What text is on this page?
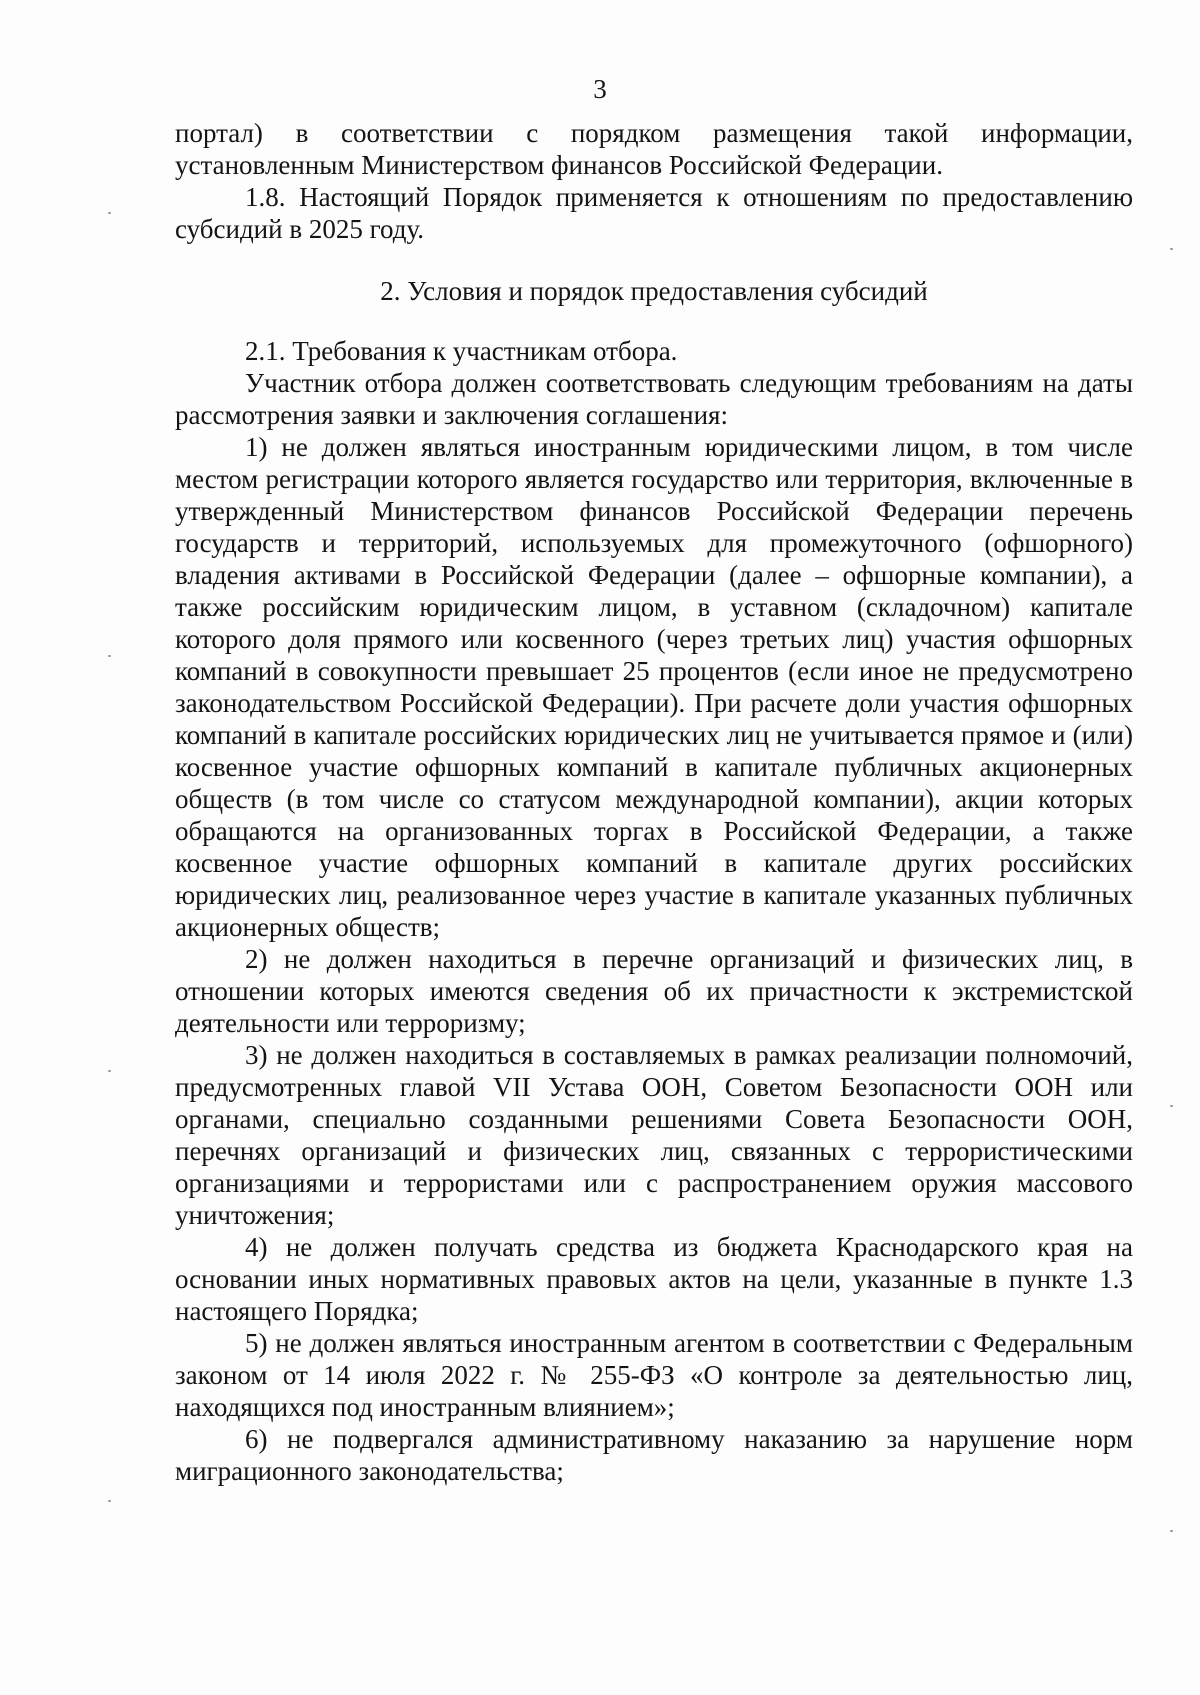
3

портал) в соответствии с порядком размещения такой информации, установленным Министерством финансов Российской Федерации.

1.8. Настоящий Порядок применяется к отношениям по предоставлению субсидий в 2025 году.

2. Условия и порядок предоставления субсидий

2.1. Требования к участникам отбора.

Участник отбора должен соответствовать следующим требованиям на даты рассмотрения заявки и заключения соглашения:

1) не должен являться иностранным юридическими лицом, в том числе местом регистрации которого является государство или территория, включенные в утвержденный Министерством финансов Российской Федерации перечень государств и территорий, используемых для промежуточного (офшорного) владения активами в Российской Федерации (далее – офшорные компании), а также российским юридическим лицом, в уставном (складочном) капитале которого доля прямого или косвенного (через третьих лиц) участия офшорных компаний в совокупности превышает 25 процентов (если иное не предусмотрено законодательством Российской Федерации). При расчете доли участия офшорных компаний в капитале российских юридических лиц не учитывается прямое и (или) косвенное участие офшорных компаний в капитале публичных акционерных обществ (в том числе со статусом международной компании), акции которых обращаются на организованных торгах в Российской Федерации, а также косвенное участие офшорных компаний в капитале других российских юридических лиц, реализованное через участие в капитале указанных публичных акционерных обществ;

2) не должен находиться в перечне организаций и физических лиц, в отношении которых имеются сведения об их причастности к экстремистской деятельности или терроризму;

3) не должен находиться в составляемых в рамках реализации полномочий, предусмотренных главой VII Устава ООН, Советом Безопасности ООН или органами, специально созданными решениями Совета Безопасности ООН, перечнях организаций и физических лиц, связанных с террористическими организациями и террористами или с распространением оружия массового уничтожения;

4) не должен получать средства из бюджета Краснодарского края на основании иных нормативных правовых актов на цели, указанные в пункте 1.3 настоящего Порядка;

5) не должен являться иностранным агентом в соответствии с Федеральным законом от 14 июля 2022 г. № 255-ФЗ «О контроле за деятельностью лиц, находящихся под иностранным влиянием»;

6) не подвергался административному наказанию за нарушение норм миграционного законодательства;
